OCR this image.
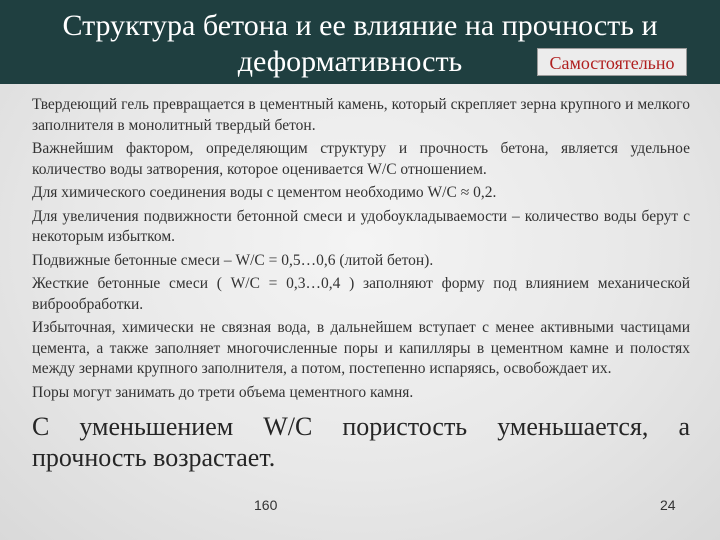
Структура бетона и ее влияние на прочность и
деформативность	Самостоятельно

Твердеющий гель превращается в цементный камень, который скрепляет зерна крупного и мелкого заполнителя в монолитный твердый бетон.

Важнейшим фактором, определяющим структуру и прочность бетона, является удельное количество воды затворения, которое оценивается W/C отношением.

Для химического соединения воды с цементом необходимо W/C ≈ 0,2.

Для увеличения подвижности бетонной смеси и удобоукладываемости – количество воды берут с некоторым избытком.

Подвижные бетонные смеси – W/C = 0,5…0,6 (литой бетон).

Жесткие бетонные смеси ( W/C = 0,3…0,4 ) заполняют форму под влиянием механической виброобработки.

Избыточная, химически не связная вода, в дальнейшем вступает с менее активными частицами цемента, а также заполняет многочисленные поры и капилляры в цементном камне и полостях между зернами крупного заполнителя, а потом, постепенно испаряясь, освобождает их.

Поры могут занимать до трети объема цементного камня.

С уменьшением W/C пористость уменьшается, а прочность возрастает.

160	24
